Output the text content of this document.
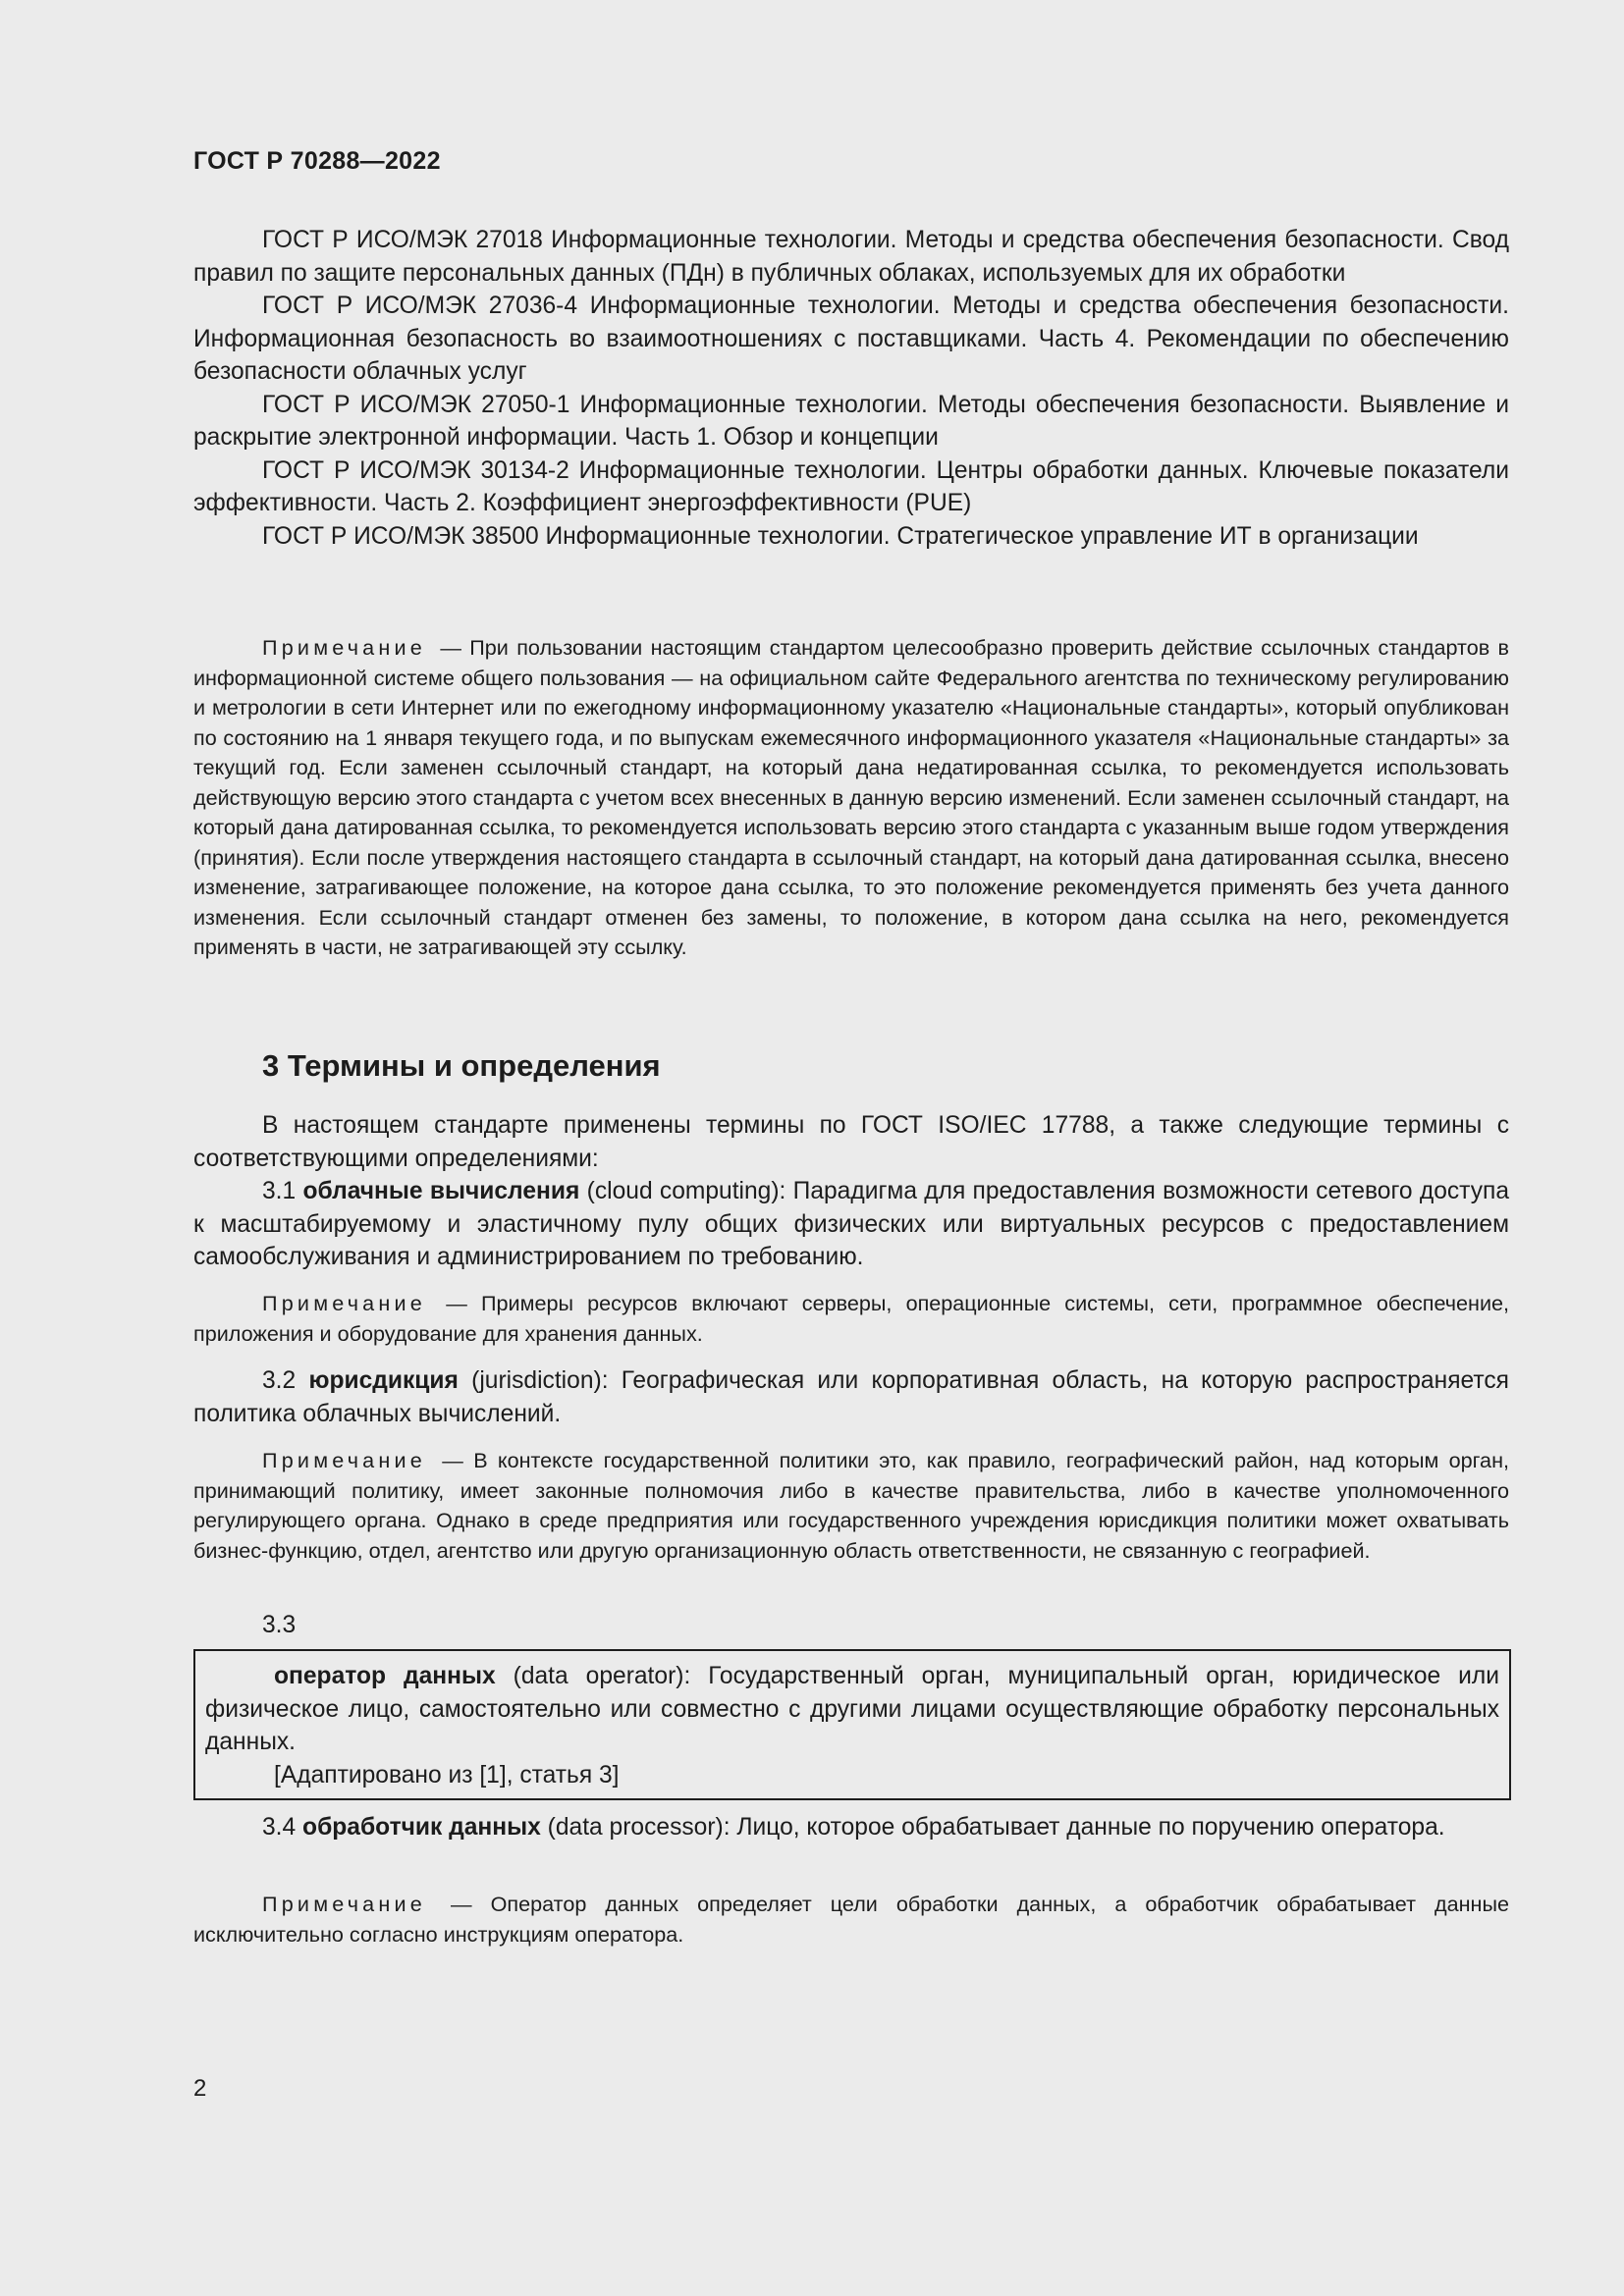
ГОСТ Р 70288—2022

ГОСТ Р ИСО/МЭК 27018 Информационные технологии. Методы и средства обеспечения безопасности. Свод правил по защите персональных данных (ПДн) в публичных облаках, используемых для их обработки

ГОСТ Р ИСО/МЭК 27036-4 Информационные технологии. Методы и средства обеспечения безопасности. Информационная безопасность во взаимоотношениях с поставщиками. Часть 4. Рекомендации по обеспечению безопасности облачных услуг

ГОСТ Р ИСО/МЭК 27050-1 Информационные технологии. Методы обеспечения безопасности. Выявление и раскрытие электронной информации. Часть 1. Обзор и концепции

ГОСТ Р ИСО/МЭК 30134-2 Информационные технологии. Центры обработки данных. Ключевые показатели эффективности. Часть 2. Коэффициент энергоэффективности (PUE)

ГОСТ Р ИСО/МЭК 38500 Информационные технологии. Стратегическое управление ИТ в организации

Примечание — При пользовании настоящим стандартом целесообразно проверить действие ссылочных стандартов в информационной системе общего пользования — на официальном сайте Федерального агентства по техническому регулированию и метрологии в сети Интернет или по ежегодному информационному указателю «Национальные стандарты», который опубликован по состоянию на 1 января текущего года, и по выпускам ежемесячного информационного указателя «Национальные стандарты» за текущий год. Если заменен ссылочный стандарт, на который дана недатированная ссылка, то рекомендуется использовать действующую версию этого стандарта с учетом всех внесенных в данную версию изменений. Если заменен ссылочный стандарт, на который дана датированная ссылка, то рекомендуется использовать версию этого стандарта с указанным выше годом утверждения (принятия). Если после утверждения настоящего стандарта в ссылочный стандарт, на который дана датированная ссылка, внесено изменение, затрагивающее положение, на которое дана ссылка, то это положение рекомендуется применять без учета данного изменения. Если ссылочный стандарт отменен без замены, то положение, в котором дана ссылка на него, рекомендуется применять в части, не затрагивающей эту ссылку.

3 Термины и определения

В настоящем стандарте применены термины по ГОСТ ISO/IEC 17788, а также следующие термины с соответствующими определениями:

3.1 облачные вычисления (cloud computing): Парадигма для предоставления возможности сетевого доступа к масштабируемому и эластичному пулу общих физических или виртуальных ресурсов с предоставлением самообслуживания и администрированием по требованию.

Примечание — Примеры ресурсов включают серверы, операционные системы, сети, программное обеспечение, приложения и оборудование для хранения данных.

3.2 юрисдикция (jurisdiction): Географическая или корпоративная область, на которую распространяется политика облачных вычислений.

Примечание — В контексте государственной политики это, как правило, географический район, над которым орган, принимающий политику, имеет законные полномочия либо в качестве правительства, либо в качестве уполномоченного регулирующего органа. Однако в среде предприятия или государственного учреждения юрисдикция политики может охватывать бизнес-функцию, отдел, агентство или другую организационную область ответственности, не связанную с географией.

3.3

оператор данных (data operator): Государственный орган, муниципальный орган, юридическое или физическое лицо, самостоятельно или совместно с другими лицами осуществляющие обработку персональных данных.

[Адаптировано из [1], статья 3]

3.4 обработчик данных (data processor): Лицо, которое обрабатывает данные по поручению оператора.

Примечание — Оператор данных определяет цели обработки данных, а обработчик обрабатывает данные исключительно согласно инструкциям оператора.

2
